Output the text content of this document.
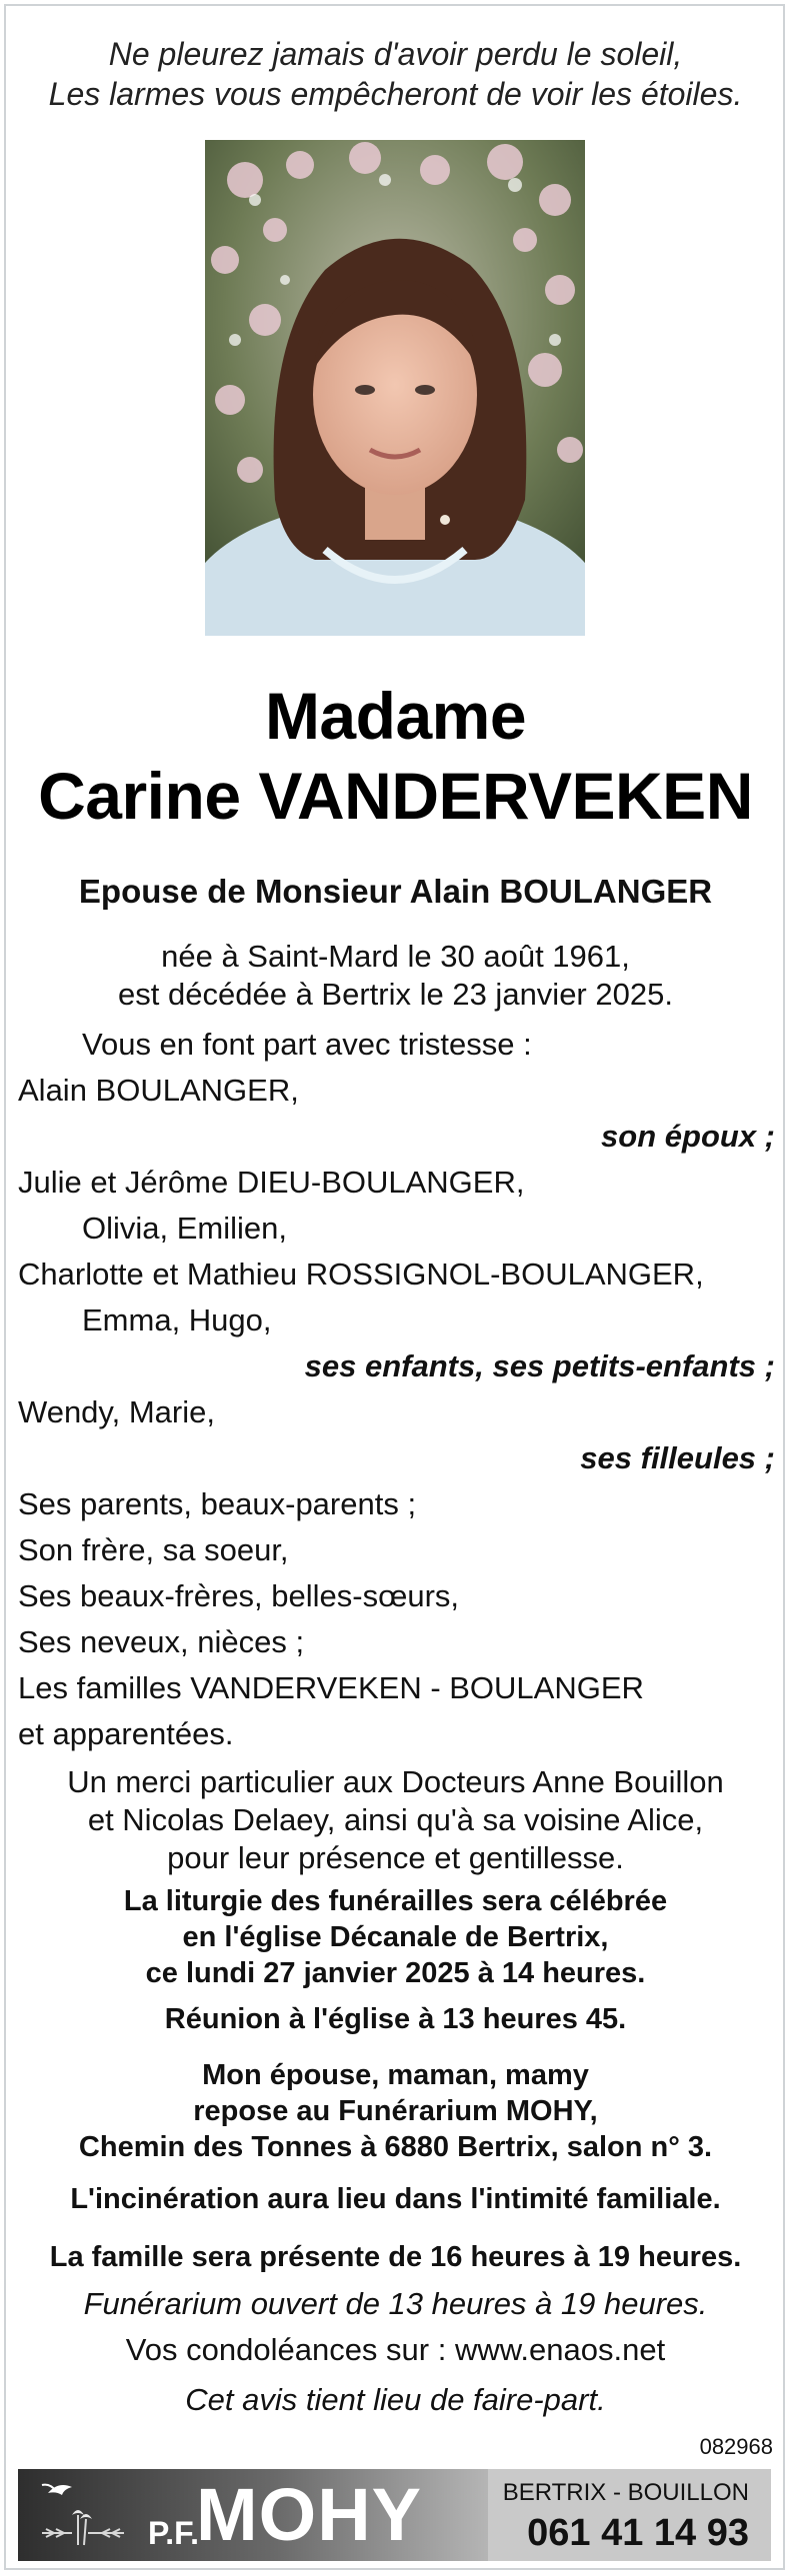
Ne pleurez jamais d'avoir perdu le soleil,
Les larmes vous empêcheront de voir les étoiles.
Madame
Carine VANDERVEKEN
Epouse de Monsieur Alain BOULANGER
née à Saint-Mard le 30 août 1961,
est décédée à Bertrix le 23 janvier 2025.
Vous en font part avec tristesse :
Alain BOULANGER,
son époux ;
Julie et Jérôme DIEU-BOULANGER,
Olivia, Emilien,
Charlotte et Mathieu ROSSIGNOL-BOULANGER,
Emma, Hugo,
ses enfants, ses petits-enfants ;
Wendy, Marie,
ses filleules ;
Ses parents, beaux-parents ;
Son frère, sa soeur,
Ses beaux-frères, belles-sœurs,
Ses neveux, nièces ;
Les familles VANDERVEKEN - BOULANGER
et apparentées.
Un merci particulier aux Docteurs Anne Bouillon
et Nicolas Delaey, ainsi qu'à sa voisine Alice,
pour leur présence et gentillesse.
La liturgie des funérailles sera célébrée
en l'église Décanale de Bertrix,
ce lundi 27 janvier 2025 à 14 heures.
Réunion à l'église à 13 heures 45.
Mon épouse, maman, mamy
repose au Funérarium MOHY,
Chemin des Tonnes à 6880 Bertrix, salon n° 3.
L'incinération aura lieu dans l'intimité familiale.
La famille sera présente de 16 heures à 19 heures.
Funérarium ouvert de 13 heures à 19 heures.
Vos condoléances sur : www.enaos.net
Cet avis tient lieu de faire-part.
082968
P.F.
MOHY	BERTRIX - BOUILLON
061 41 14 93
